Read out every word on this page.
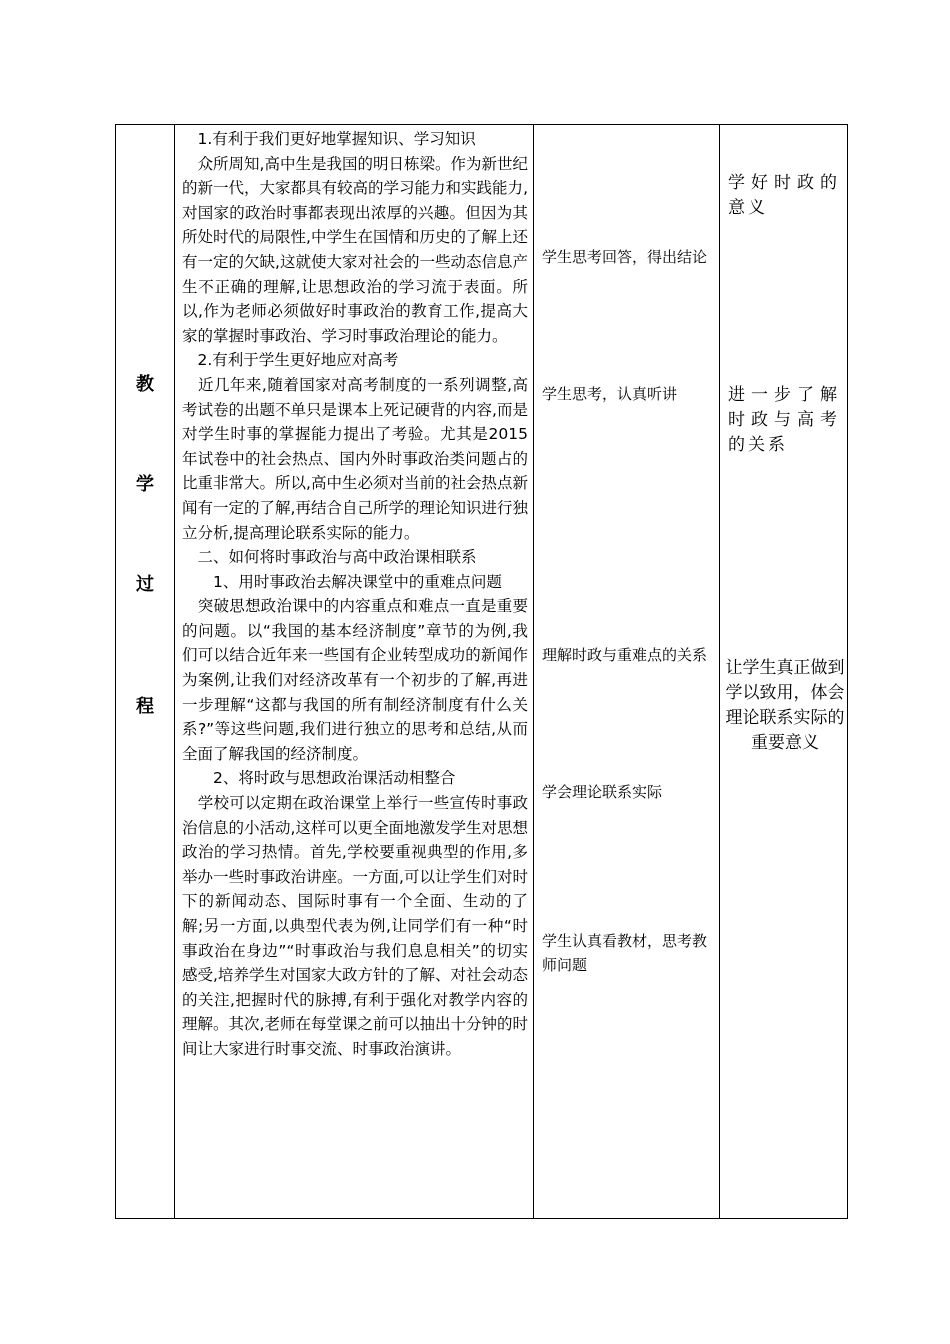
教
学
过
程

　1.有利于我们更好地掌握知识、学习知识

　众所周知,高中生是我国的明日栋梁。作为新世纪的新一代，大家都具有较高的学习能力和实践能力,对国家的政治时事都表现出浓厚的兴趣。但因为其所处时代的局限性,中学生在国情和历史的了解上还有一定的欠缺,这就使大家对社会的一些动态信息产生不正确的理解,让思想政治的学习流于表面。所以,作为老师必须做好时事政治的教育工作,提高大家的掌握时事政治、学习时事政治理论的能力。

　2.有利于学生更好地应对高考

　近几年来,随着国家对高考制度的一系列调整,高考试卷的出题不单只是课本上死记硬背的内容,而是对学生时事的掌握能力提出了考验。尤其是2015年试卷中的社会热点、国内外时事政治类问题占的比重非常大。所以,高中生必须对当前的社会热点新闻有一定的了解,再结合自己所学的理论知识进行独立分析,提高理论联系实际的能力。

　二、如何将时事政治与高中政治课相联系

　　1、用时事政治去解决课堂中的重难点问题

　突破思想政治课中的内容重点和难点一直是重要的问题。以“我国的基本经济制度”章节的为例,我们可以结合近年来一些国有企业转型成功的新闻作为案例,让我们对经济改革有一个初步的了解,再进一步理解“这都与我国的所有制经济制度有什么关系?”等这些问题,我们进行独立的思考和总结,从而全面了解我国的经济制度。

　　2、将时政与思想政治课活动相整合

　学校可以定期在政治课堂上举行一些宣传时事政治信息的小活动,这样可以更全面地激发学生对思想政治的学习热情。首先,学校要重视典型的作用,多举办一些时事政治讲座。一方面,可以让学生们对时下的新闻动态、国际时事有一个全面、生动的了解;另一方面,以典型代表为例,让同学们有一种“时事政治在身边”“时事政治与我们息息相关”的切实感受,培养学生对国家大政方针的了解、对社会动态的关注,把握时代的脉搏,有利于强化对教学内容的理解。其次,老师在每堂课之前可以抽出十分钟的时间让大家进行时事交流、时事政治演讲。

学生思考回答，得出结论

学生思考，认真听讲

理解时政与重难点的关系

学会理论联系实际

学生认真看教材，思考教师问题

学好时政的意义

进一步了解时政与高考的关系

让学生真正做到学以致用，体会理论联系实际的重要意义
